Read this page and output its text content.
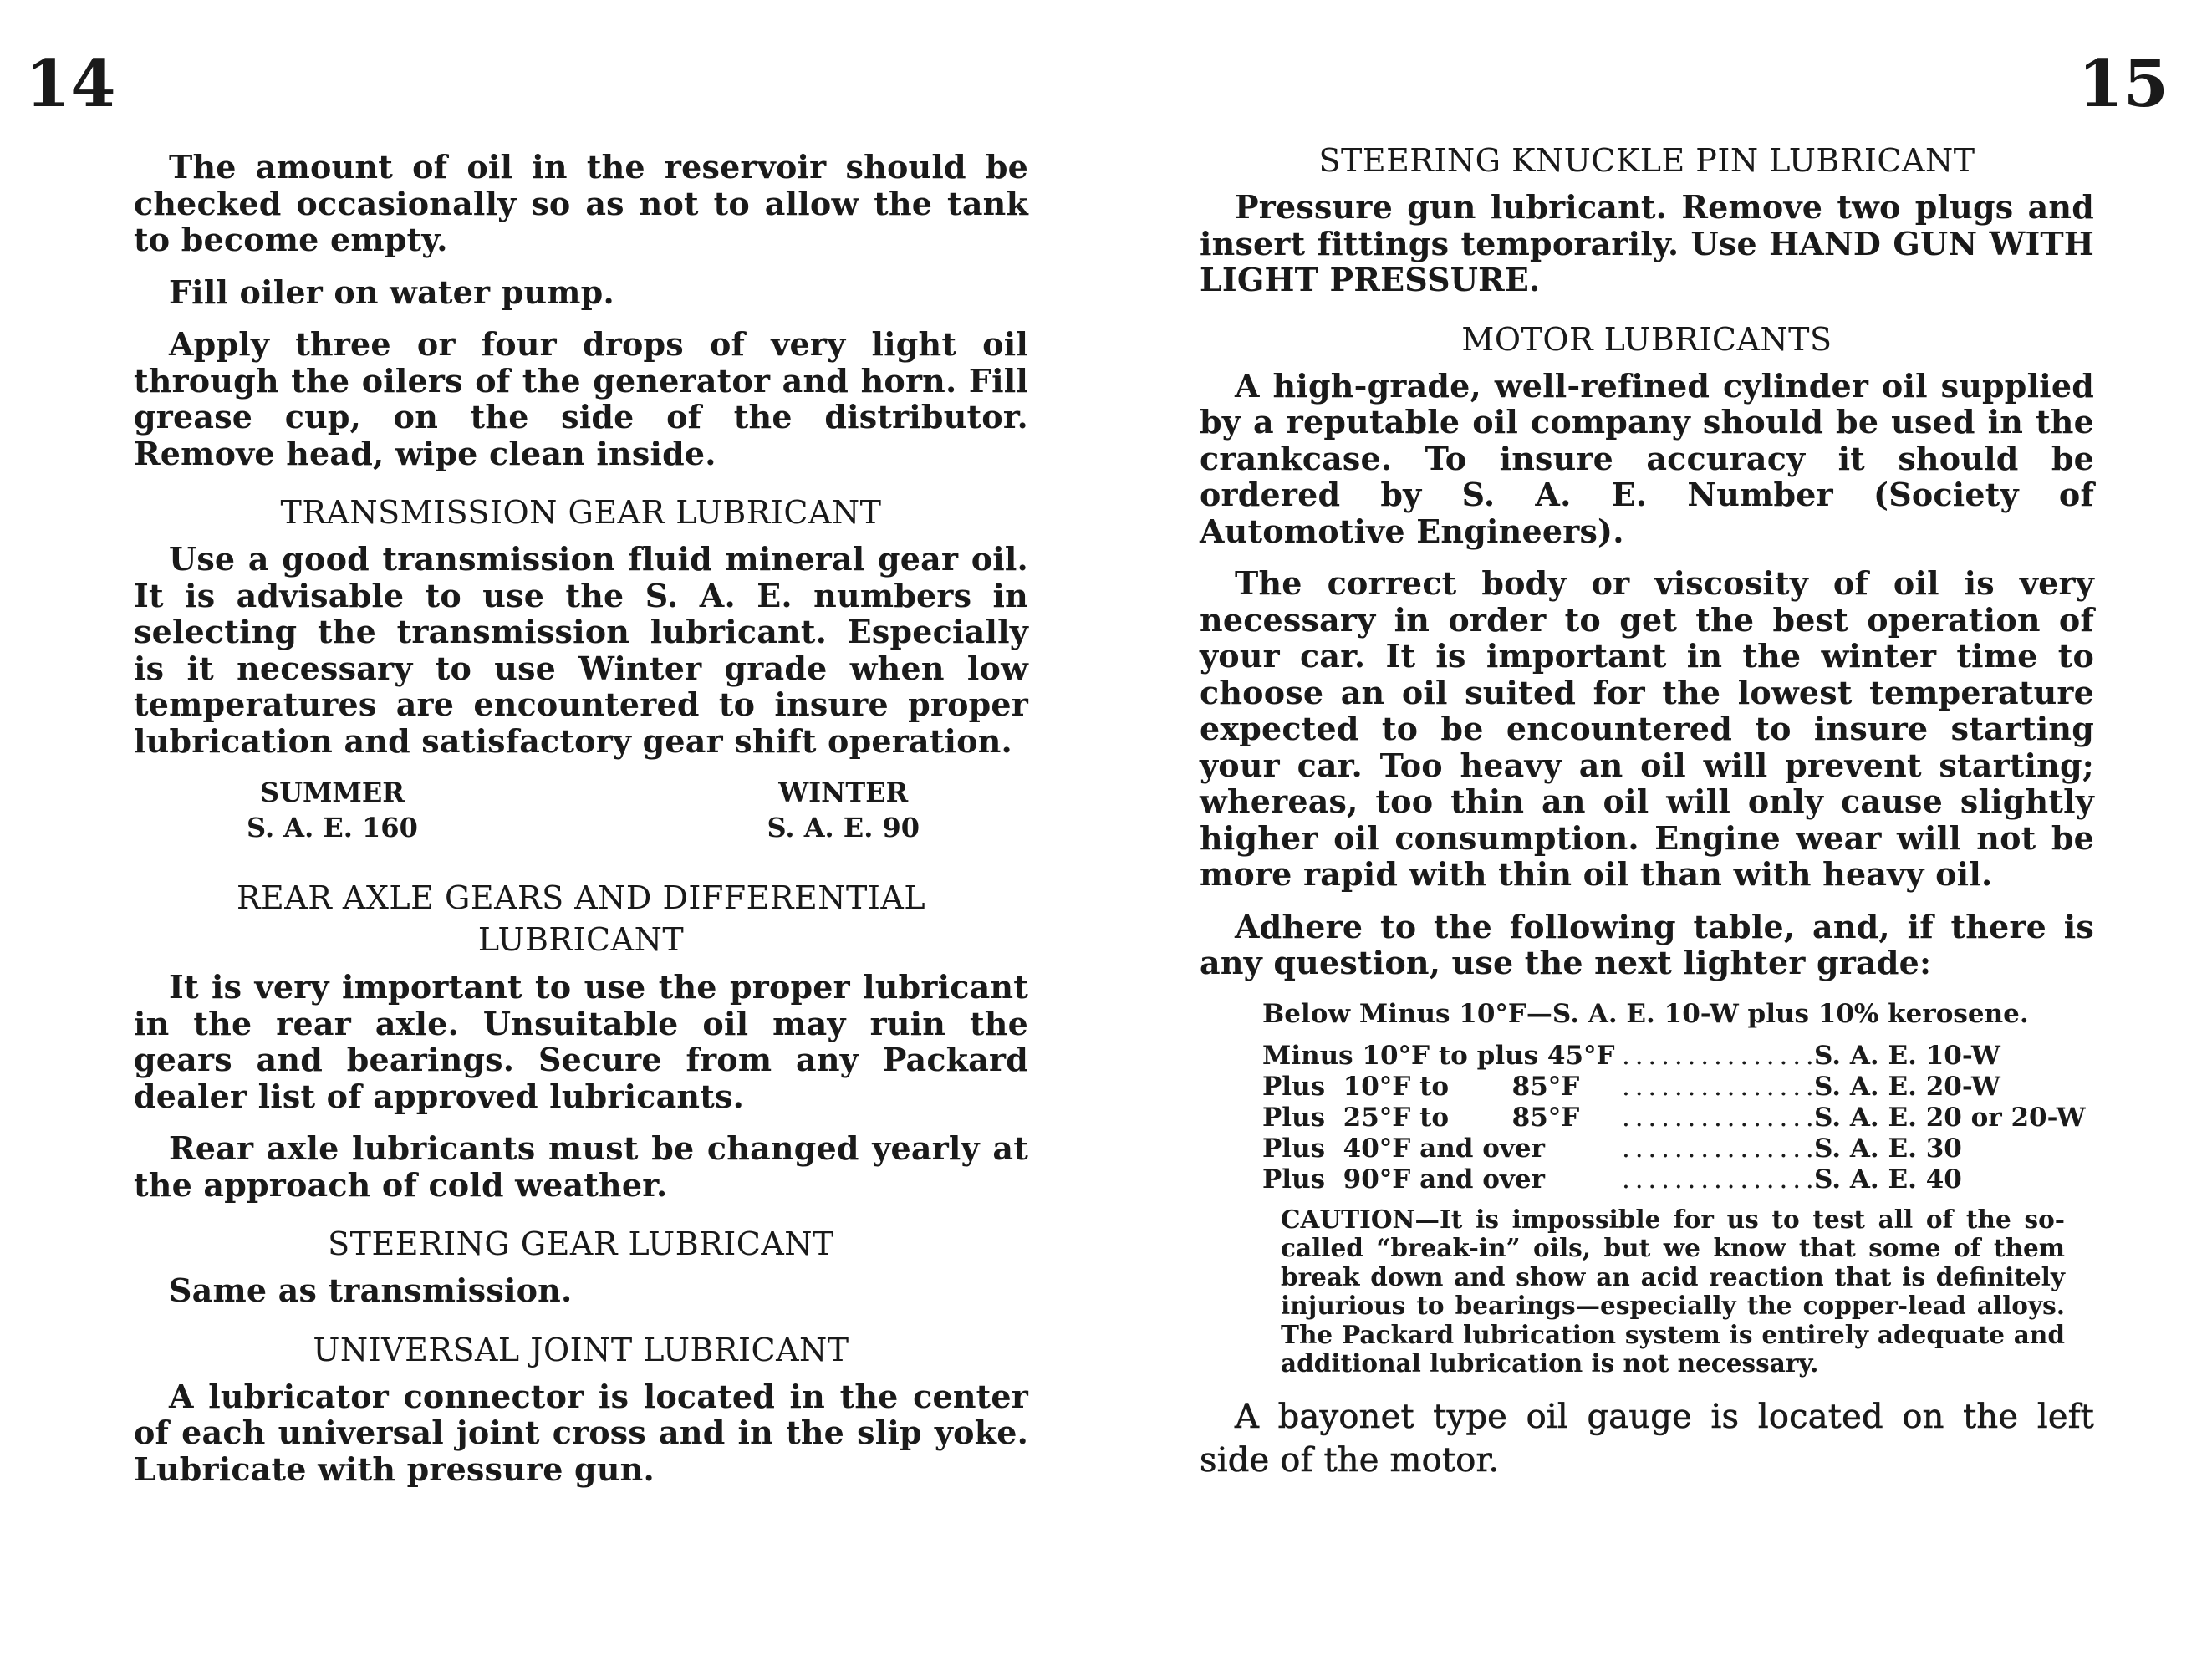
14	15

The amount of oil in the reservoir should be checked occasionally so as not to allow the tank to become empty.

Fill oiler on water pump.

Apply three or four drops of very light oil through the oilers of the generator and horn. Fill grease cup, on the side of the distributor. Remove head, wipe clean inside.

TRANSMISSION GEAR LUBRICANT

Use a good transmission fluid mineral gear oil. It is advisable to use the S. A. E. numbers in selecting the transmission lubricant. Especially is it necessary to use Winter grade when low temperatures are encountered to insure proper lubrication and satisfactory gear shift operation.

SUMMER
S. A. E. 160
WINTER
S. A. E. 90
REAR AXLE GEARS AND DIFFERENTIAL
LUBRICANT

It is very important to use the proper lubricant in the rear axle. Unsuitable oil may ruin the gears and bearings. Secure from any Packard dealer list of approved lubricants.

Rear axle lubricants must be changed yearly at the approach of cold weather.

STEERING GEAR LUBRICANT

Same as transmission.

UNIVERSAL JOINT LUBRICANT

A lubricator connector is located in the center of each universal joint cross and in the slip yoke. Lubricate with pressure gun.

STEERING KNUCKLE PIN LUBRICANT

Pressure gun lubricant. Remove two plugs and insert fittings temporarily. Use HAND GUN WITH LIGHT PRESSURE.

MOTOR LUBRICANTS

A high-grade, well-refined cylinder oil supplied by a reputable oil company should be used in the crankcase. To insure accuracy it should be ordered by S. A. E. Number (Society of Automotive Engineers).

The correct body or viscosity of oil is very necessary in order to get the best operation of your car. It is important in the winter time to choose an oil suited for the lowest temperature expected to be encountered to insure starting your car. Too heavy an oil will prevent starting; whereas, too thin an oil will only cause slightly higher oil consumption. Engine wear will not be more rapid with thin oil than with heavy oil.

Adhere to the following table, and, if there is any question, use the next lighter grade:

Below Minus 10°F—S. A. E. 10-W plus 10% kerosene.
Minus 10°F to plus 45°F . . .	S. A. E. 10-W
Plus  10°F to       85°F . . .	S. A. E. 20-W
Plus  25°F to       85°F . . .	S. A. E. 20 or 20-W
Plus  40°F and over . . .	S. A. E. 30
Plus  90°F and over . . .	S. A. E. 40

CAUTION—It is impossible for us to test all of the so-called “break-in” oils, but we know that some of them break down and show an acid reaction that is definitely injurious to bearings—especially the copper-lead alloys. The Packard lubrication system is entirely adequate and additional lubrication is not necessary.

A bayonet type oil gauge is located on the left side of the motor.
